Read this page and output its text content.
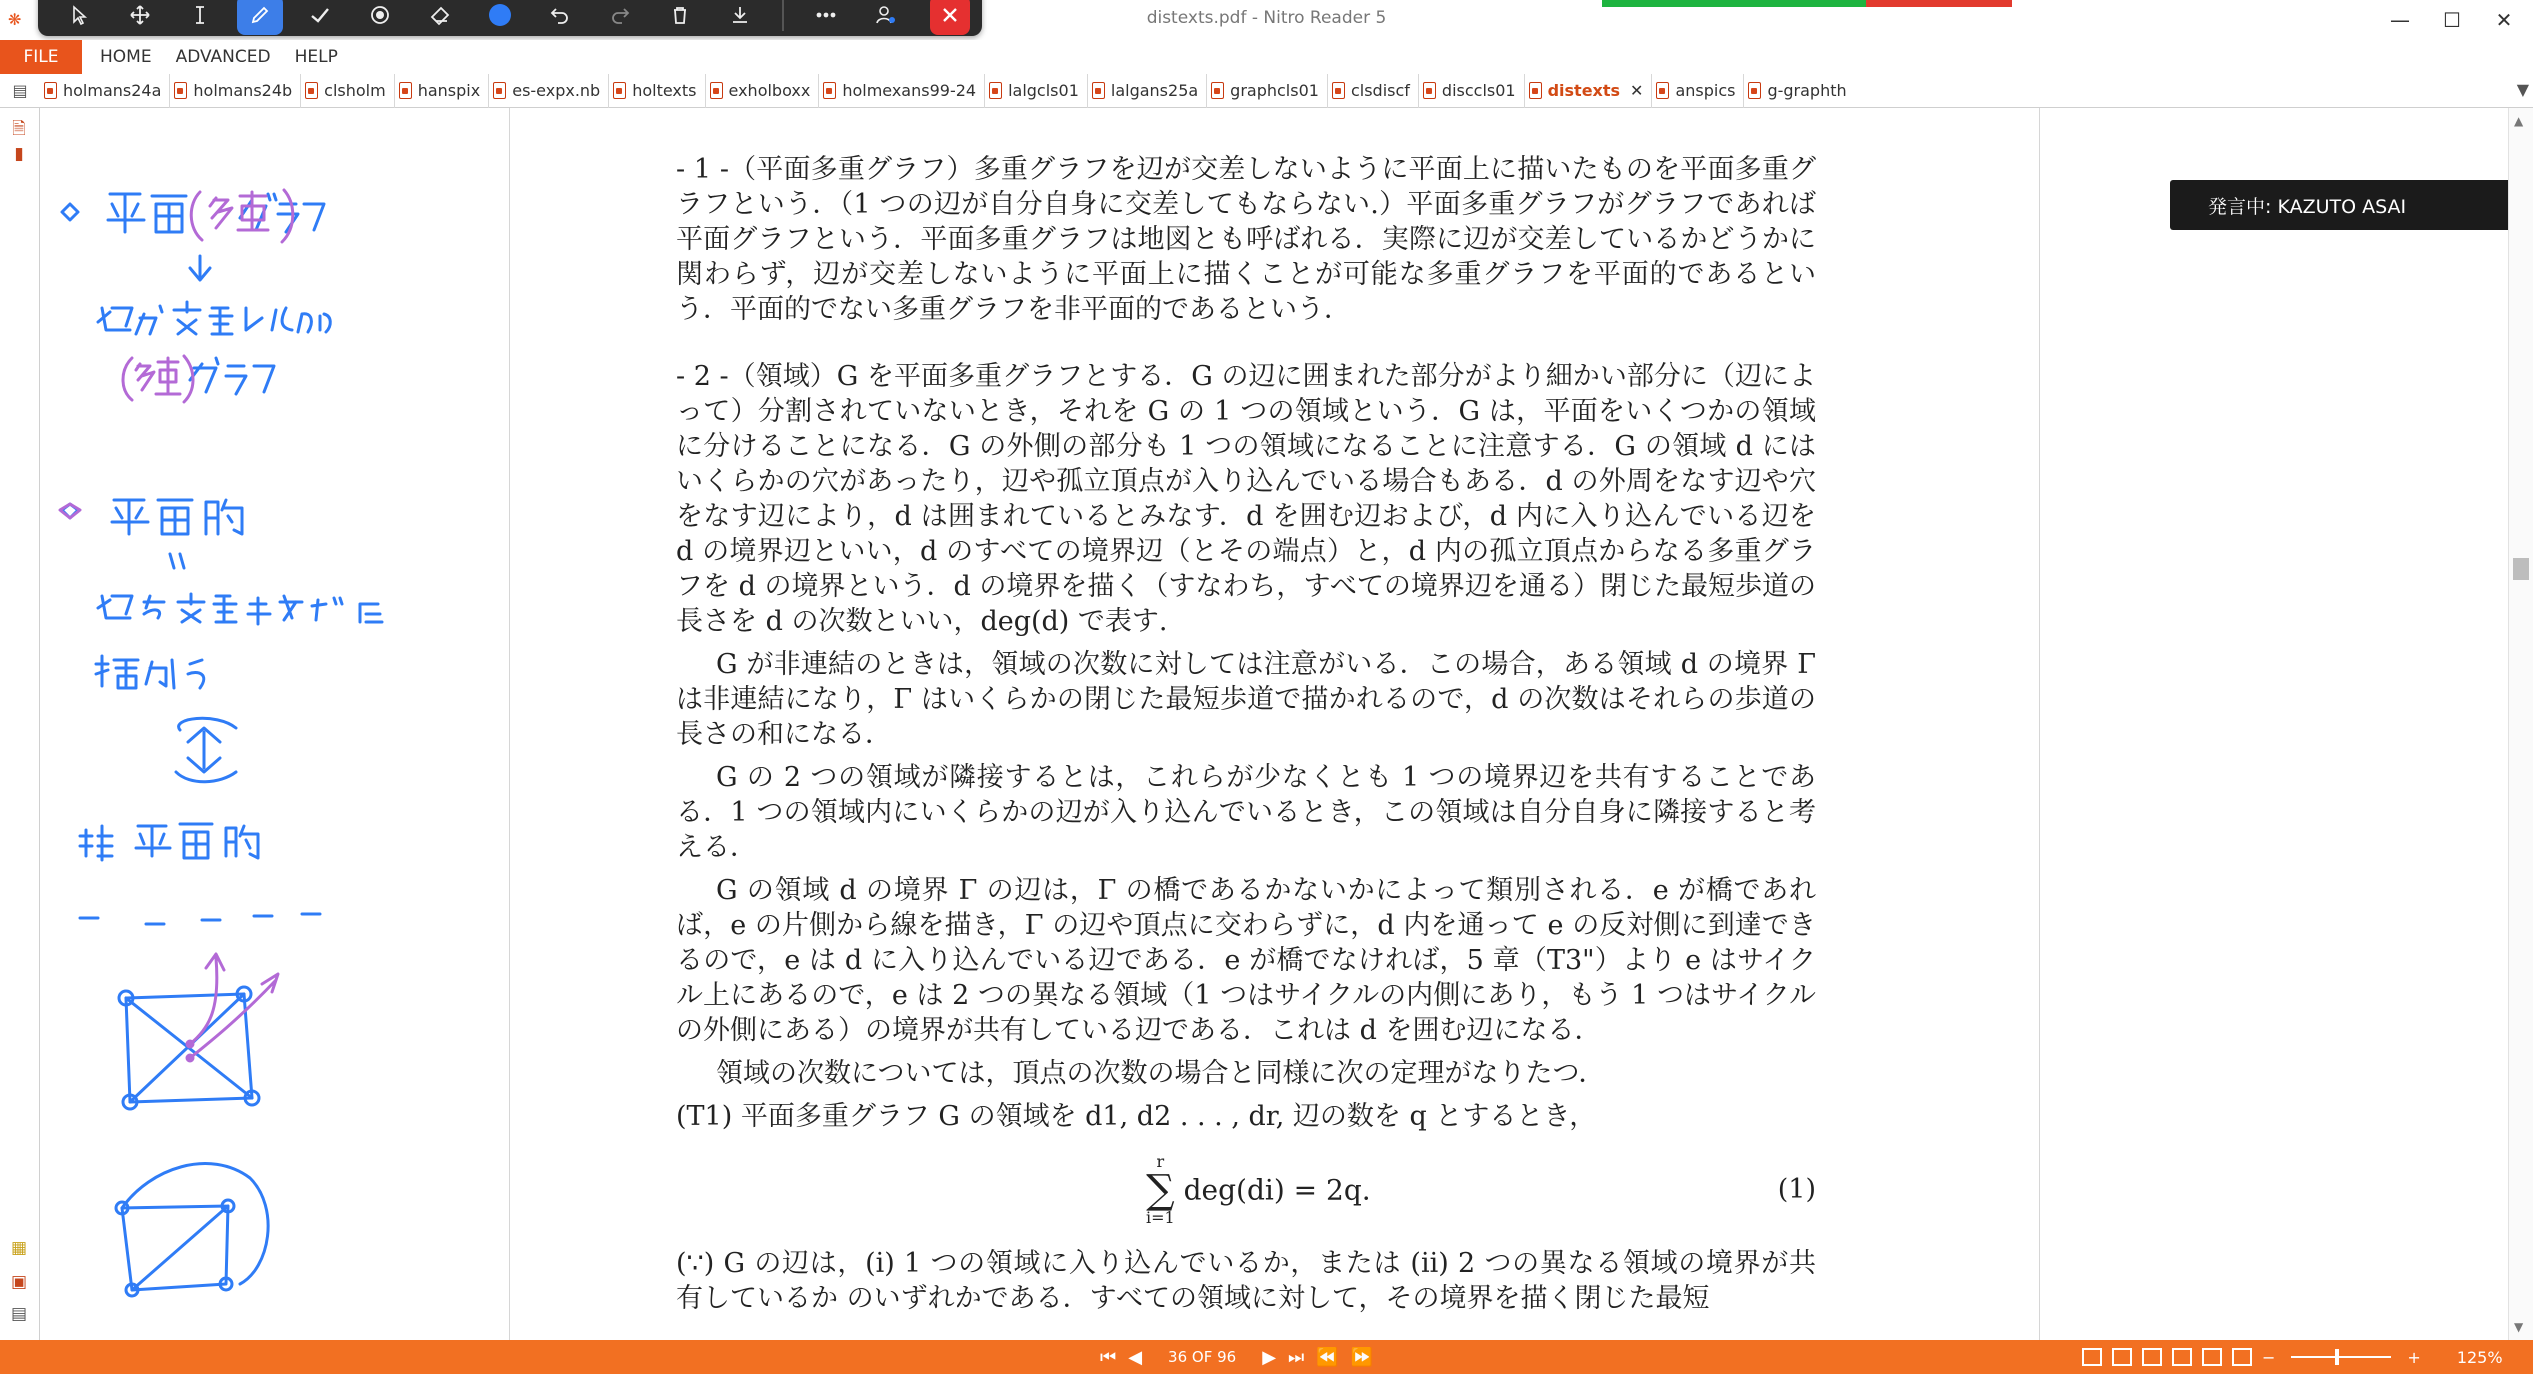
❋	distexts.pdf - Nitro Reader 5	—	☐	✕
FILE	HOME ADVANCED HELP
▤	holmans24a holmans24b clsholm hanspix es-expx.nb holtexts exholboxx holmexans99-24 lalgcls01 lalgans25a graphcls01 clsdiscf disccls01 distexts ✕ anspics g-graphth	▼
🗎
▮
▦
▣
▤

- 1 -（平面多重グラフ）多重グラフを辺が交差しないように平面上に描いたものを平面多重グラフという．（1 つの辺が自分自身に交差してもならない.）平面多重グラフがグラフであれば平面グラフという．平面多重グラフは地図とも呼ばれる．実際に辺が交差しているかどうかに関わらず，辺が交差しないように平面上に描くことが可能な多重グラフを平面的であるという．平面的でない多重グラフを非平面的であるという．

- 2 -（領域）G を平面多重グラフとする．G の辺に囲まれた部分がより細かい部分に（辺によって）分割されていないとき，それを G の 1 つの領域という．G は，平面をいくつかの領域に分けることになる．G の外側の部分も 1 つの領域になることに注意する．G の領域 d にはいくらかの穴があったり，辺や孤立頂点が入り込んでいる場合もある．d の外周をなす辺や穴をなす辺により，d は囲まれているとみなす．d を囲む辺および，d 内に入り込んでいる辺を d の境界辺といい，d のすべての境界辺（とその端点）と，d 内の孤立頂点からなる多重グラフを d の境界という．d の境界を描く（すなわち，すべての境界辺を通る）閉じた最短歩道の長さを d の次数といい，deg(d) で表す.

G が非連結のときは，領域の次数に対しては注意がいる．この場合，ある領域 d の境界 Γ は非連結になり，Γ はいくらかの閉じた最短歩道で描かれるので，d の次数はそれらの歩道の長さの和になる．

G の 2 つの領域が隣接するとは，これらが少なくとも 1 つの境界辺を共有することである．1 つの領域内にいくらかの辺が入り込んでいるとき，この領域は自分自身に隣接すると考える．

G の領域 d の境界 Γ の辺は，Γ の橋であるかないかによって類別される．e が橋であれば，e の片側から線を描き，Γ の辺や頂点に交わらずに，d 内を通って e の反対側に到達できるので，e は d に入り込んでいる辺である．e が橋でなければ，5 章（T3"）より e はサイクル上にあるので，e は 2 つの異なる領域（1 つはサイクルの内側にあり，もう 1 つはサイクルの外側にある）の境界が共有している辺である．これは d を囲む辺になる．

領域の次数については，頂点の次数の場合と同様に次の定理がなりたつ．

(T1) 平面多重グラフ G の領域を d1, d2 . . . , dr, 辺の数を q とするとき，

r
∑
i=1
deg(di) = 2q.	(1)

(∵) G の辺は，(i) 1 つの領域に入り込んでいるか，または (ii) 2 つの異なる領域の境界が共有しているか のいずれかである．すべての領域に対して，その境界を描く閉じた最短

発言中: KAZUTO ASAI
▲
▼
⏮ ◀ 36 OF 96 ▶ ⏭ ⏪ ⏩	−	+ 125%
